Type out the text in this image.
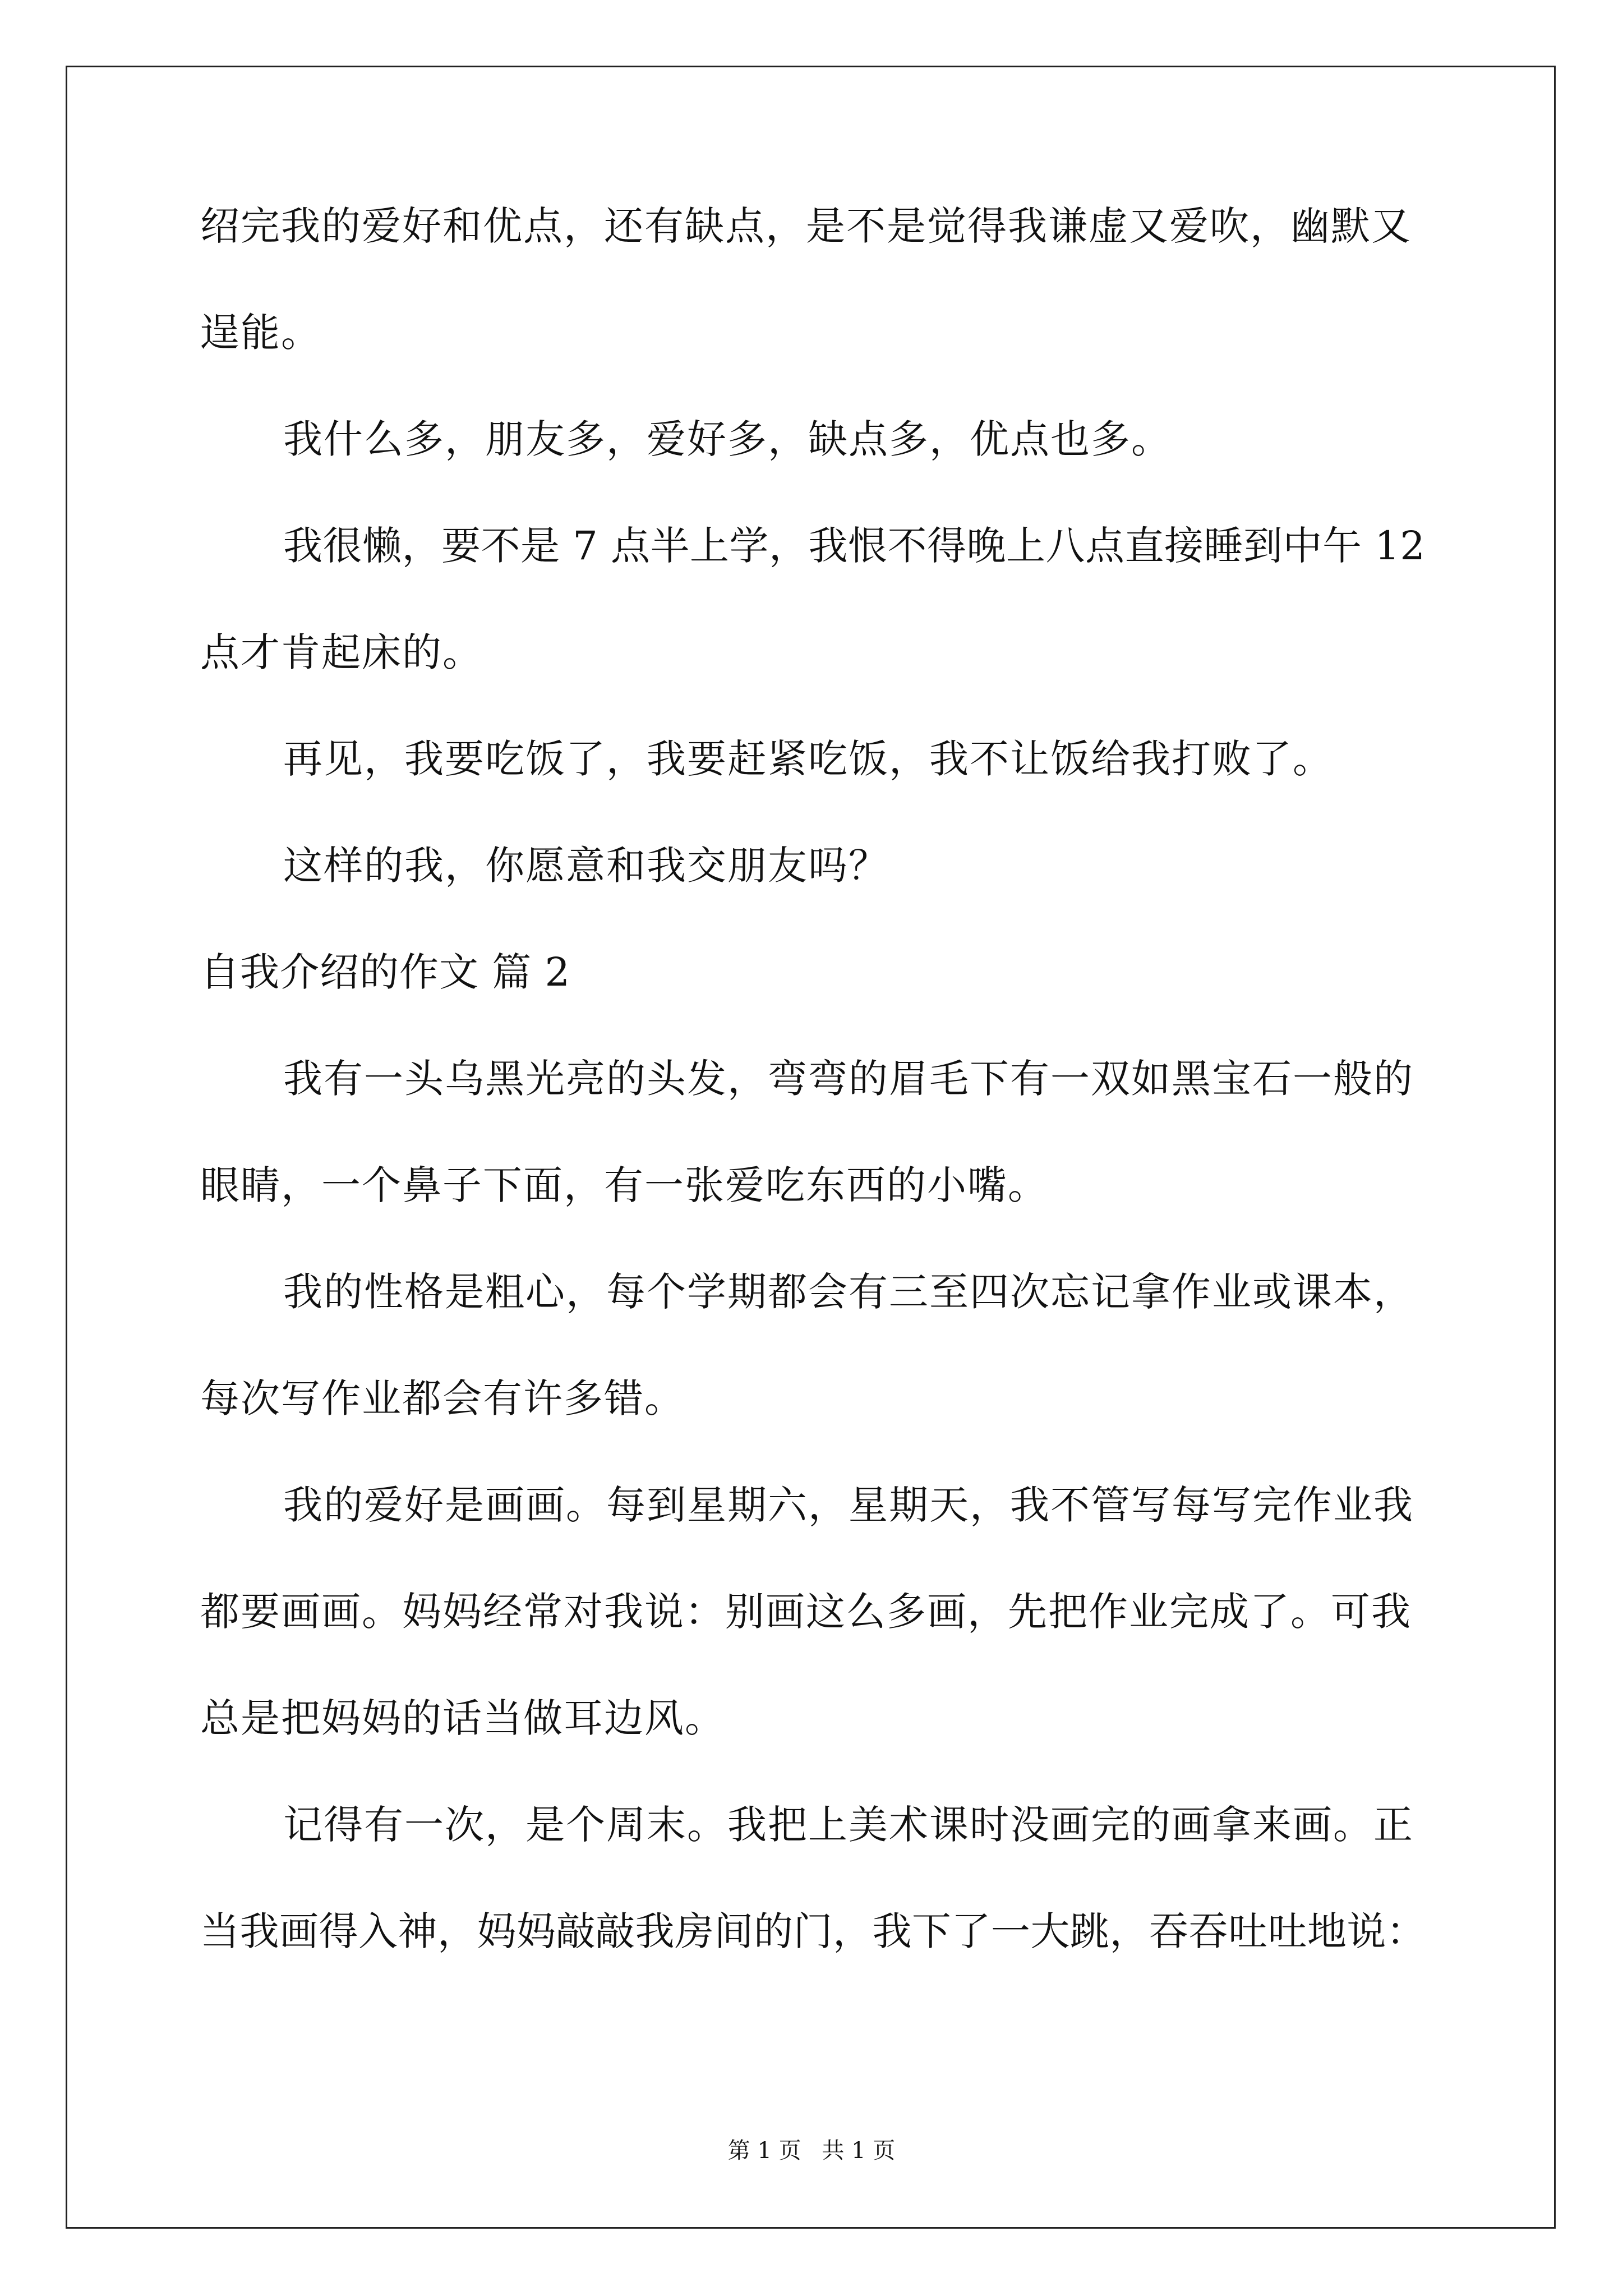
绍完我的爱好和优点，还有缺点，是不是觉得我谦虚又爱吹，幽默又
逞能。
我什么多，朋友多，爱好多，缺点多，优点也多。
我很懒，要不是 7 点半上学，我恨不得晚上八点直接睡到中午 12
点才肯起床的。
再见，我要吃饭了，我要赶紧吃饭，我不让饭给我打败了。
这样的我，你愿意和我交朋友吗？
自我介绍的作文 篇 2
我有一头乌黑光亮的头发，弯弯的眉毛下有一双如黑宝石一般的
眼睛，一个鼻子下面，有一张爱吃东西的小嘴。
我的性格是粗心，每个学期都会有三至四次忘记拿作业或课本，
每次写作业都会有许多错。
我的爱好是画画。每到星期六，星期天，我不管写每写完作业我
都要画画。妈妈经常对我说：别画这么多画，先把作业完成了。可我
总是把妈妈的话当做耳边风。
记得有一次，是个周末。我把上美术课时没画完的画拿来画。正
当我画得入神，妈妈敲敲我房间的门，我下了一大跳，吞吞吐吐地说：
第 1 页 共 1 页
